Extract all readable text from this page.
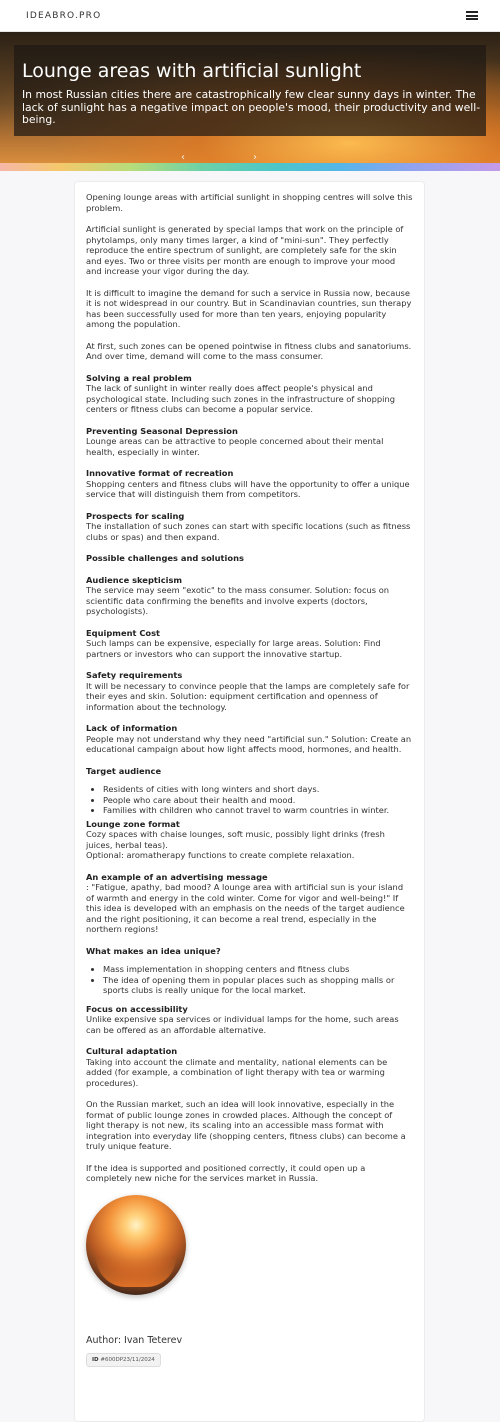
IDEABRO.PRO
Lounge areas with artificial sunlight

In most Russian cities there are catastrophically few clear sunny days in winter. The lack of sunlight has a negative impact on people's mood, their productivity and well-being.

‹	›

Opening lounge areas with artificial sunlight in shopping centres will solve this problem.

Artificial sunlight is generated by special lamps that work on the principle of phytolamps, only many times larger, a kind of "mini-sun". They perfectly reproduce the entire spectrum of sunlight, are completely safe for the skin and eyes. Two or three visits per month are enough to improve your mood and increase your vigor during the day.

It is difficult to imagine the demand for such a service in Russia now, because it is not widespread in our country. But in Scandinavian countries, sun therapy has been successfully used for more than ten years, enjoying popularity among the population.

At first, such zones can be opened pointwise in fitness clubs and sanatoriums. And over time, demand will come to the mass consumer.

Solving a real problem

The lack of sunlight in winter really does affect people's physical and psychological state. Including such zones in the infrastructure of shopping centers or fitness clubs can become a popular service.

Preventing Seasonal Depression

Lounge areas can be attractive to people concerned about their mental health, especially in winter.

Innovative format of recreation

Shopping centers and fitness clubs will have the opportunity to offer a unique service that will distinguish them from competitors.

Prospects for scaling

The installation of such zones can start with specific locations (such as fitness clubs or spas) and then expand.

Possible challenges and solutions
Audience skepticism

The service may seem "exotic" to the mass consumer. Solution: focus on scientific data confirming the benefits and involve experts (doctors, psychologists).

Equipment Cost

Such lamps can be expensive, especially for large areas. Solution: Find partners or investors who can support the innovative startup.

Safety requirements

It will be necessary to convince people that the lamps are completely safe for their eyes and skin. Solution: equipment certification and openness of information about the technology.

Lack of information

People may not understand why they need "artificial sun." Solution: Create an educational campaign about how light affects mood, hormones, and health.

Target audience
• Residents of cities with long winters and short days.
• People who care about their health and mood.
• Families with children who cannot travel to warm countries in winter.
Lounge zone format

Cozy spaces with chaise lounges, soft music, possibly light drinks (fresh juices, herbal teas).

Optional: aromatherapy functions to create complete relaxation.

An example of an advertising message

: "Fatigue, apathy, bad mood? A lounge area with artificial sun is your island of warmth and energy in the cold winter. Come for vigor and well-being!" If this idea is developed with an emphasis on the needs of the target audience and the right positioning, it can become a real trend, especially in the northern regions!

What makes an idea unique?
• Mass implementation in shopping centers and fitness clubs
• The idea of opening them in popular places such as shopping malls or sports clubs is really unique for the local market.
Focus on accessibility

Unlike expensive spa services or individual lamps for the home, such areas can be offered as an affordable alternative.

Cultural adaptation

Taking into account the climate and mentality, national elements can be added (for example, a combination of light therapy with tea or warming procedures).

On the Russian market, such an idea will look innovative, especially in the format of public lounge zones in crowded places. Although the concept of light therapy is not new, its scaling into an accessible mass format with integration into everyday life (shopping centers, fitness clubs) can become a truly unique feature.

If the idea is supported and positioned correctly, it could open up a completely new niche for the services market in Russia.

Author: Ivan Teterev
ID #600DP23/11/2024
